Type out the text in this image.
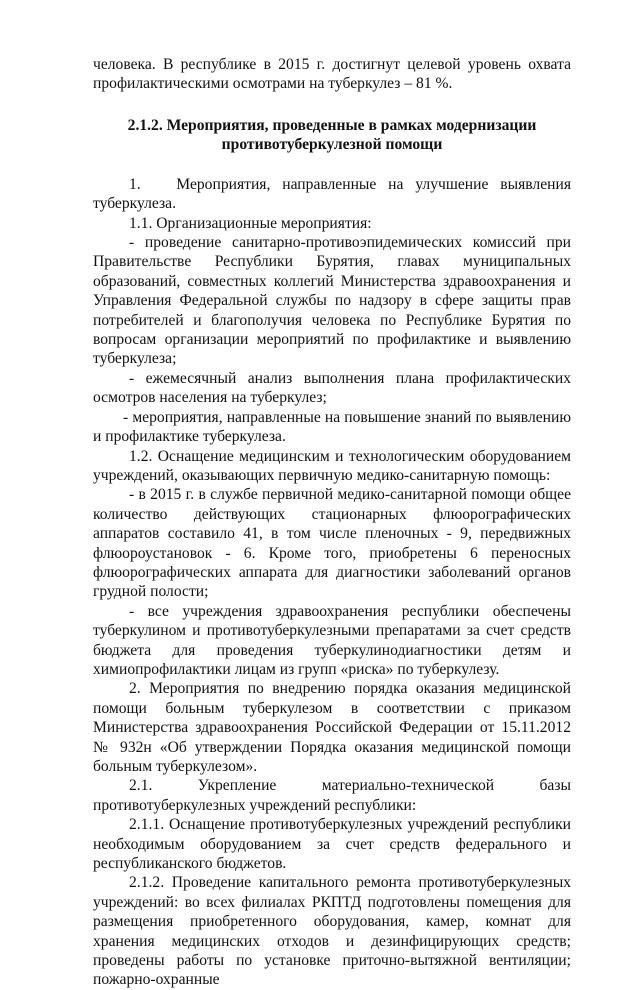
человека. В республике в 2015 г. достигнут целевой уровень охвата профилактическими осмотрами на туберкулез – 81 %.

2.1.2. Мероприятия, проведенные в рамках модернизации
противотуберкулезной помощи

1.   Мероприятия, направленные на улучшение выявления туберкулеза.

1.1. Организационные мероприятия:

- проведение санитарно-противоэпидемических комиссий при Правительстве Республики Бурятия, главах муниципальных образований, совместных коллегий Министерства здравоохранения и Управления Федеральной службы по надзору в сфере защиты прав потребителей и благополучия человека по Республике Бурятия по вопросам организации мероприятий по профилактике и выявлению туберкулеза;

- ежемесячный анализ выполнения плана профилактических осмотров населения на туберкулез;

- мероприятия, направленные на повышение знаний по выявлению и профилактике туберкулеза.

1.2. Оснащение медицинским и технологическим оборудованием учреждений, оказывающих первичную медико-санитарную помощь:

- в 2015 г. в службе первичной медико-санитарной помощи общее количество действующих стационарных флюорографических аппаратов составило 41, в том числе пленочных - 9, передвижных флюороустановок - 6. Кроме того, приобретены 6 переносных флюорографических аппарата для диагностики заболеваний органов грудной полости;

- все учреждения здравоохранения республики обеспечены туберкулином и противотуберкулезными препаратами за счет средств бюджета для проведения туберкулинодиагностики детям и химиопрофилактики лицам из групп «риска» по туберкулезу.

2. Мероприятия по внедрению порядка оказания медицинской помощи больным туберкулезом в соответствии с приказом Министерства здравоохранения Российской Федерации от 15.11.2012 № 932н «Об утверждении Порядка оказания медицинской помощи больным туберкулезом».

2.1. Укрепление материально-технической базы противотуберкулезных учреждений республики:

2.1.1. Оснащение противотуберкулезных учреждений республики необходимым оборудованием за счет средств федерального и республиканского бюджетов.

2.1.2. Проведение капитального ремонта противотуберкулезных учреждений: во всех филиалах РКПТД подготовлены помещения для размещения приобретенного оборудования, камер, комнат для хранения медицинских отходов и дезинфицирующих средств; проведены работы по установке приточно-вытяжной вентиляции; пожарно-охранные
